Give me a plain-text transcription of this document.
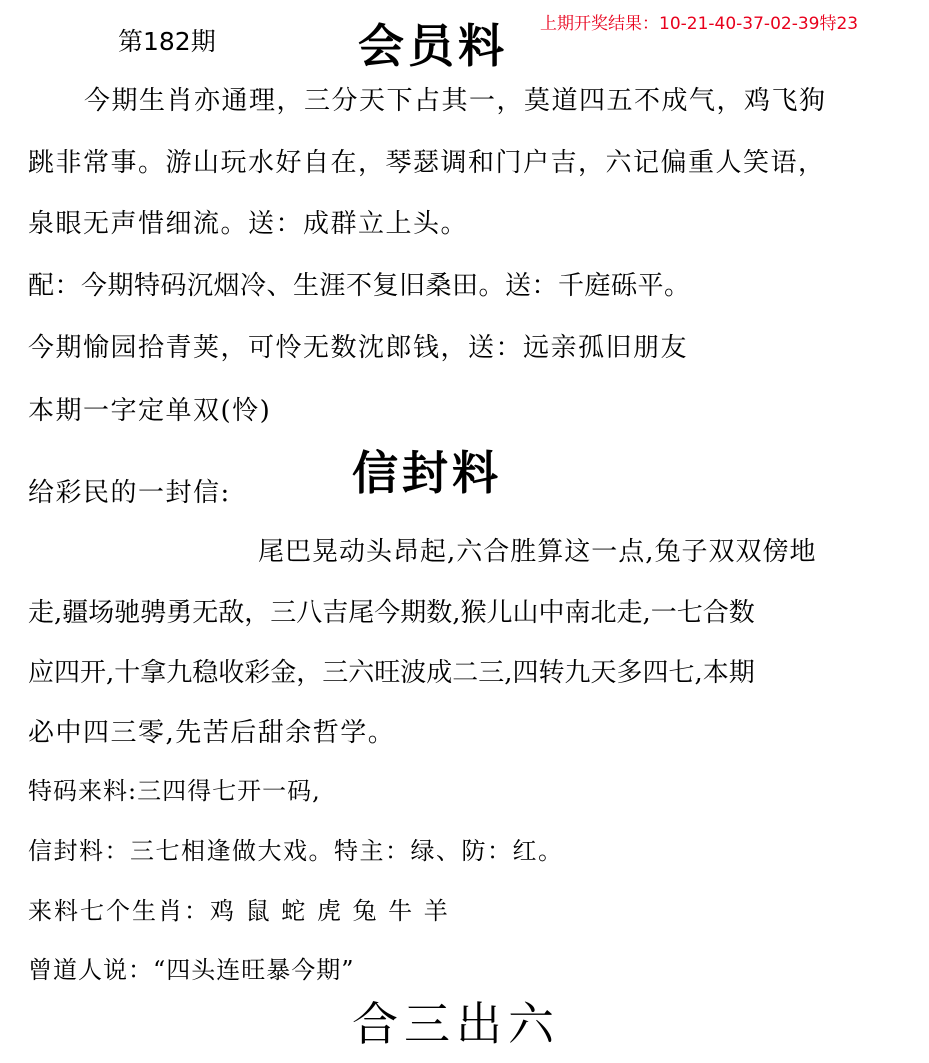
第182期	会员料 上期开奖结果：10-21-40-37-02-39特23
今期生肖亦通理，三分天下占其一，莫道四五不成气，鸡飞狗
跳非常事。游山玩水好自在，琴瑟调和门户吉，六记偏重人笑语，
泉眼无声惜细流。送：成群立上头。
配：今期特码沉烟冷、生涯不复旧桑田。送：千庭砾平。
今期愉园拾青荚，可怜无数沈郎钱，送：远亲孤旧朋友
本期一字定单双(怜)
给彩民的一封信:	信封料
尾巴晃动头昂起,六合胜算这一点,兔子双双傍地
走,疆场驰骋勇无敌，三八吉尾今期数,猴儿山中南北走,一七合数
应四开,十拿九稳收彩金，三六旺波成二三,四转九天多四七,本期
必中四三零,先苦后甜余哲学。
特码来料:三四得七开一码,
信封料：三七相逢做大戏。特主：绿、防：红。
来料七个生肖：鸡 鼠 蛇 虎 兔 牛 羊
曾道人说：“四头连旺暴今期”
合三出六
